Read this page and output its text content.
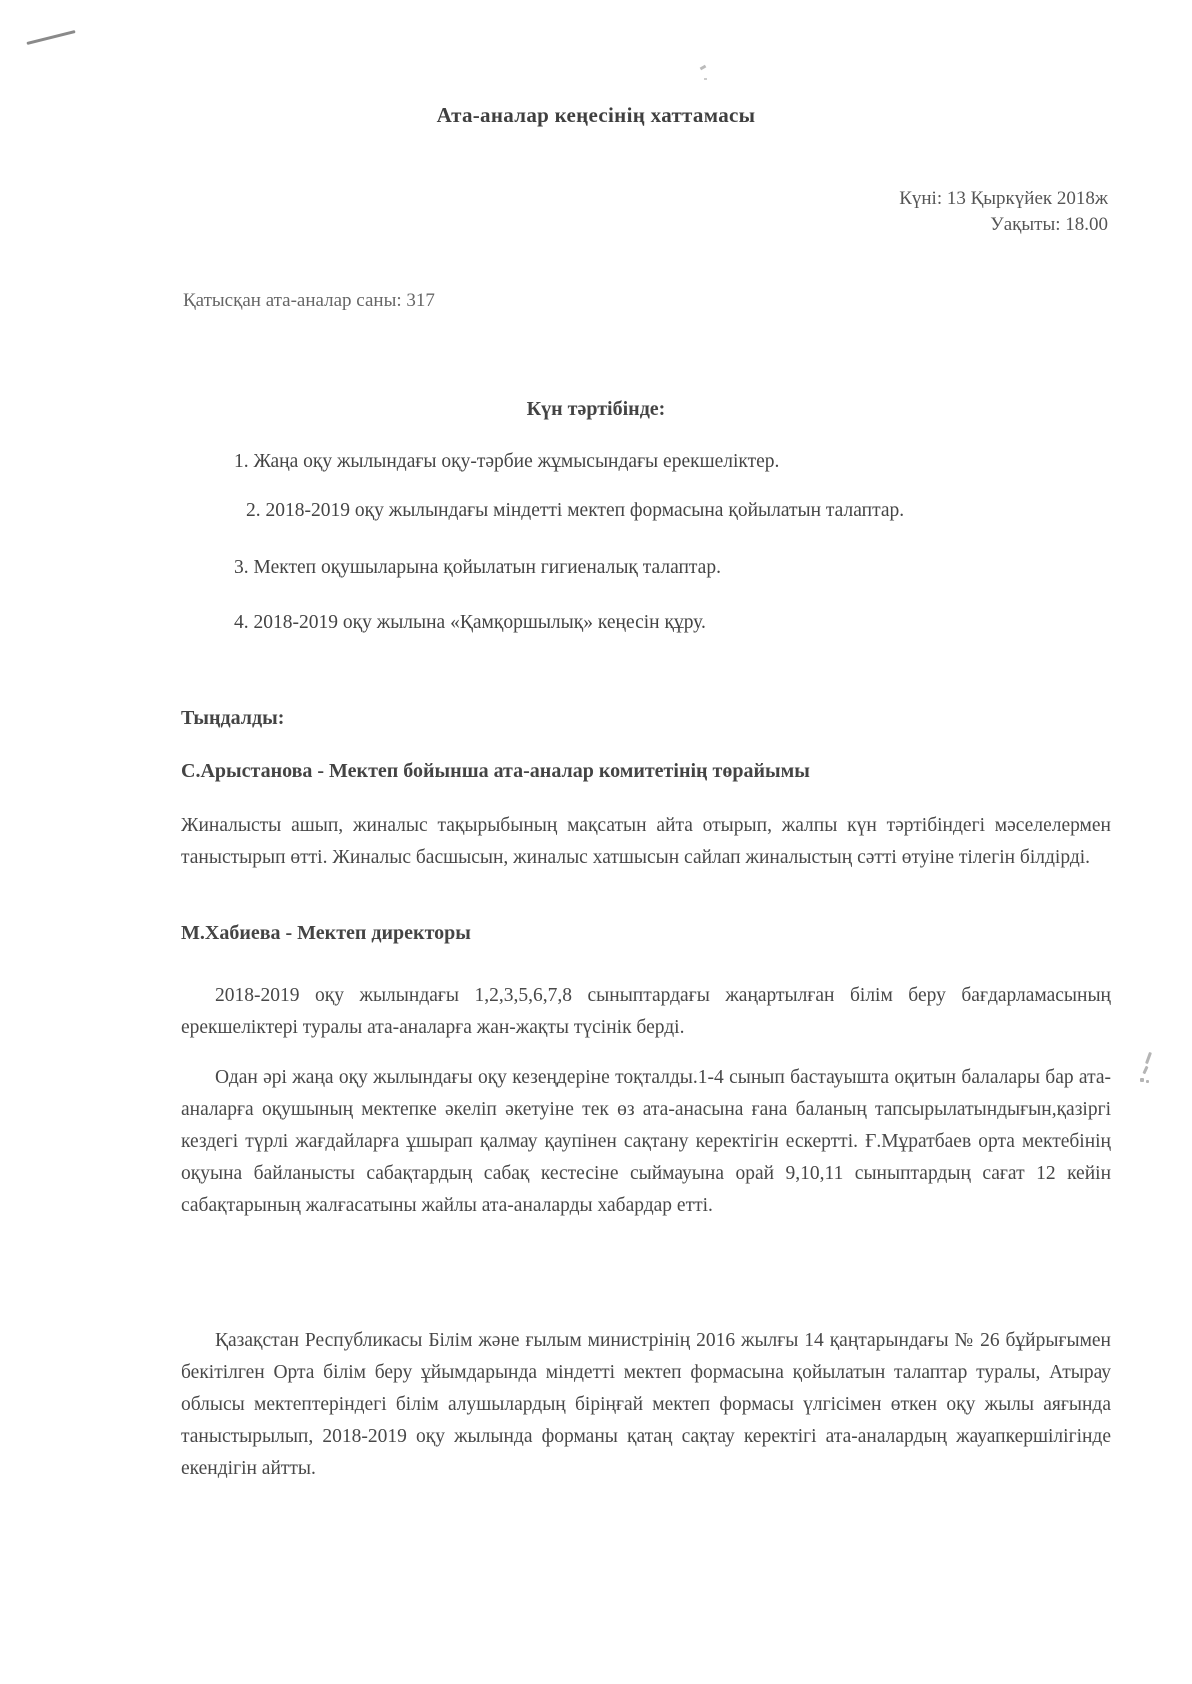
Ата-аналар кеңесінің хаттамасы
Күні: 13 Қыркүйек 2018ж
Уақыты: 18.00
Қатысқан ата-аналар саны: 317
Күн тәртібінде:
1. Жаңа оқу жылындағы оқу-тәрбие жұмысындағы ерекшеліктер.
2. 2018-2019 оқу жылындағы міндетті мектеп формасына қойылатын талаптар.
3. Мектеп оқушыларына қойылатын гигиеналық талаптар.
4. 2018-2019 оқу жылына «Қамқоршылық» кеңесін құру.
Тыңдалды:
С.Арыстанова - Мектеп бойынша ата-аналар комитетінің төрайымы
Жиналысты ашып, жиналыс тақырыбының мақсатын айта отырып, жалпы күн тәртібіндегі мәселелермен таныстырып өтті. Жиналыс басшысын, жиналыс хатшысын сайлап жиналыстың сәтті өтуіне тілегін білдірді.
М.Хабиева - Мектеп директоры
2018-2019 оқу жылындағы 1,2,3,5,6,7,8 сыныптардағы жаңартылған білім беру бағдарламасының ерекшеліктері туралы ата-аналарға жан-жақты түсінік берді.
Одан әрі жаңа оқу жылындағы оқу кезеңдеріне тоқталды.1-4 сынып бастауышта оқитын балалары бар ата-аналарға оқушының мектепке әкеліп әкетуіне тек өз ата-анасына ғана баланың тапсырылатындығын,қазіргі кездегі түрлі жағдайларға ұшырап қалмау қаупінен сақтану керектігін ескертті. Ғ.Мұратбаев орта мектебінің оқуына байланысты сабақтардың сабақ кестесіне сыймауына орай 9,10,11 сыныптардың сағат 12 кейін сабақтарының жалғасатыны жайлы ата-аналарды хабардар етті.
Қазақстан Республикасы Білім және ғылым министрінің 2016 жылғы 14 қаңтарындағы № 26 бұйрығымен бекітілген Орта білім беру ұйымдарында міндетті мектеп формасына қойылатын талаптар туралы, Атырау облысы мектептеріндегі білім алушылардың біріңғай мектеп формасы үлгісімен өткен оқу жылы аяғында таныстырылып, 2018-2019 оқу жылында форманы қатаң сақтау керектігі ата-аналардың жауапкершілігінде екендігін айтты.
